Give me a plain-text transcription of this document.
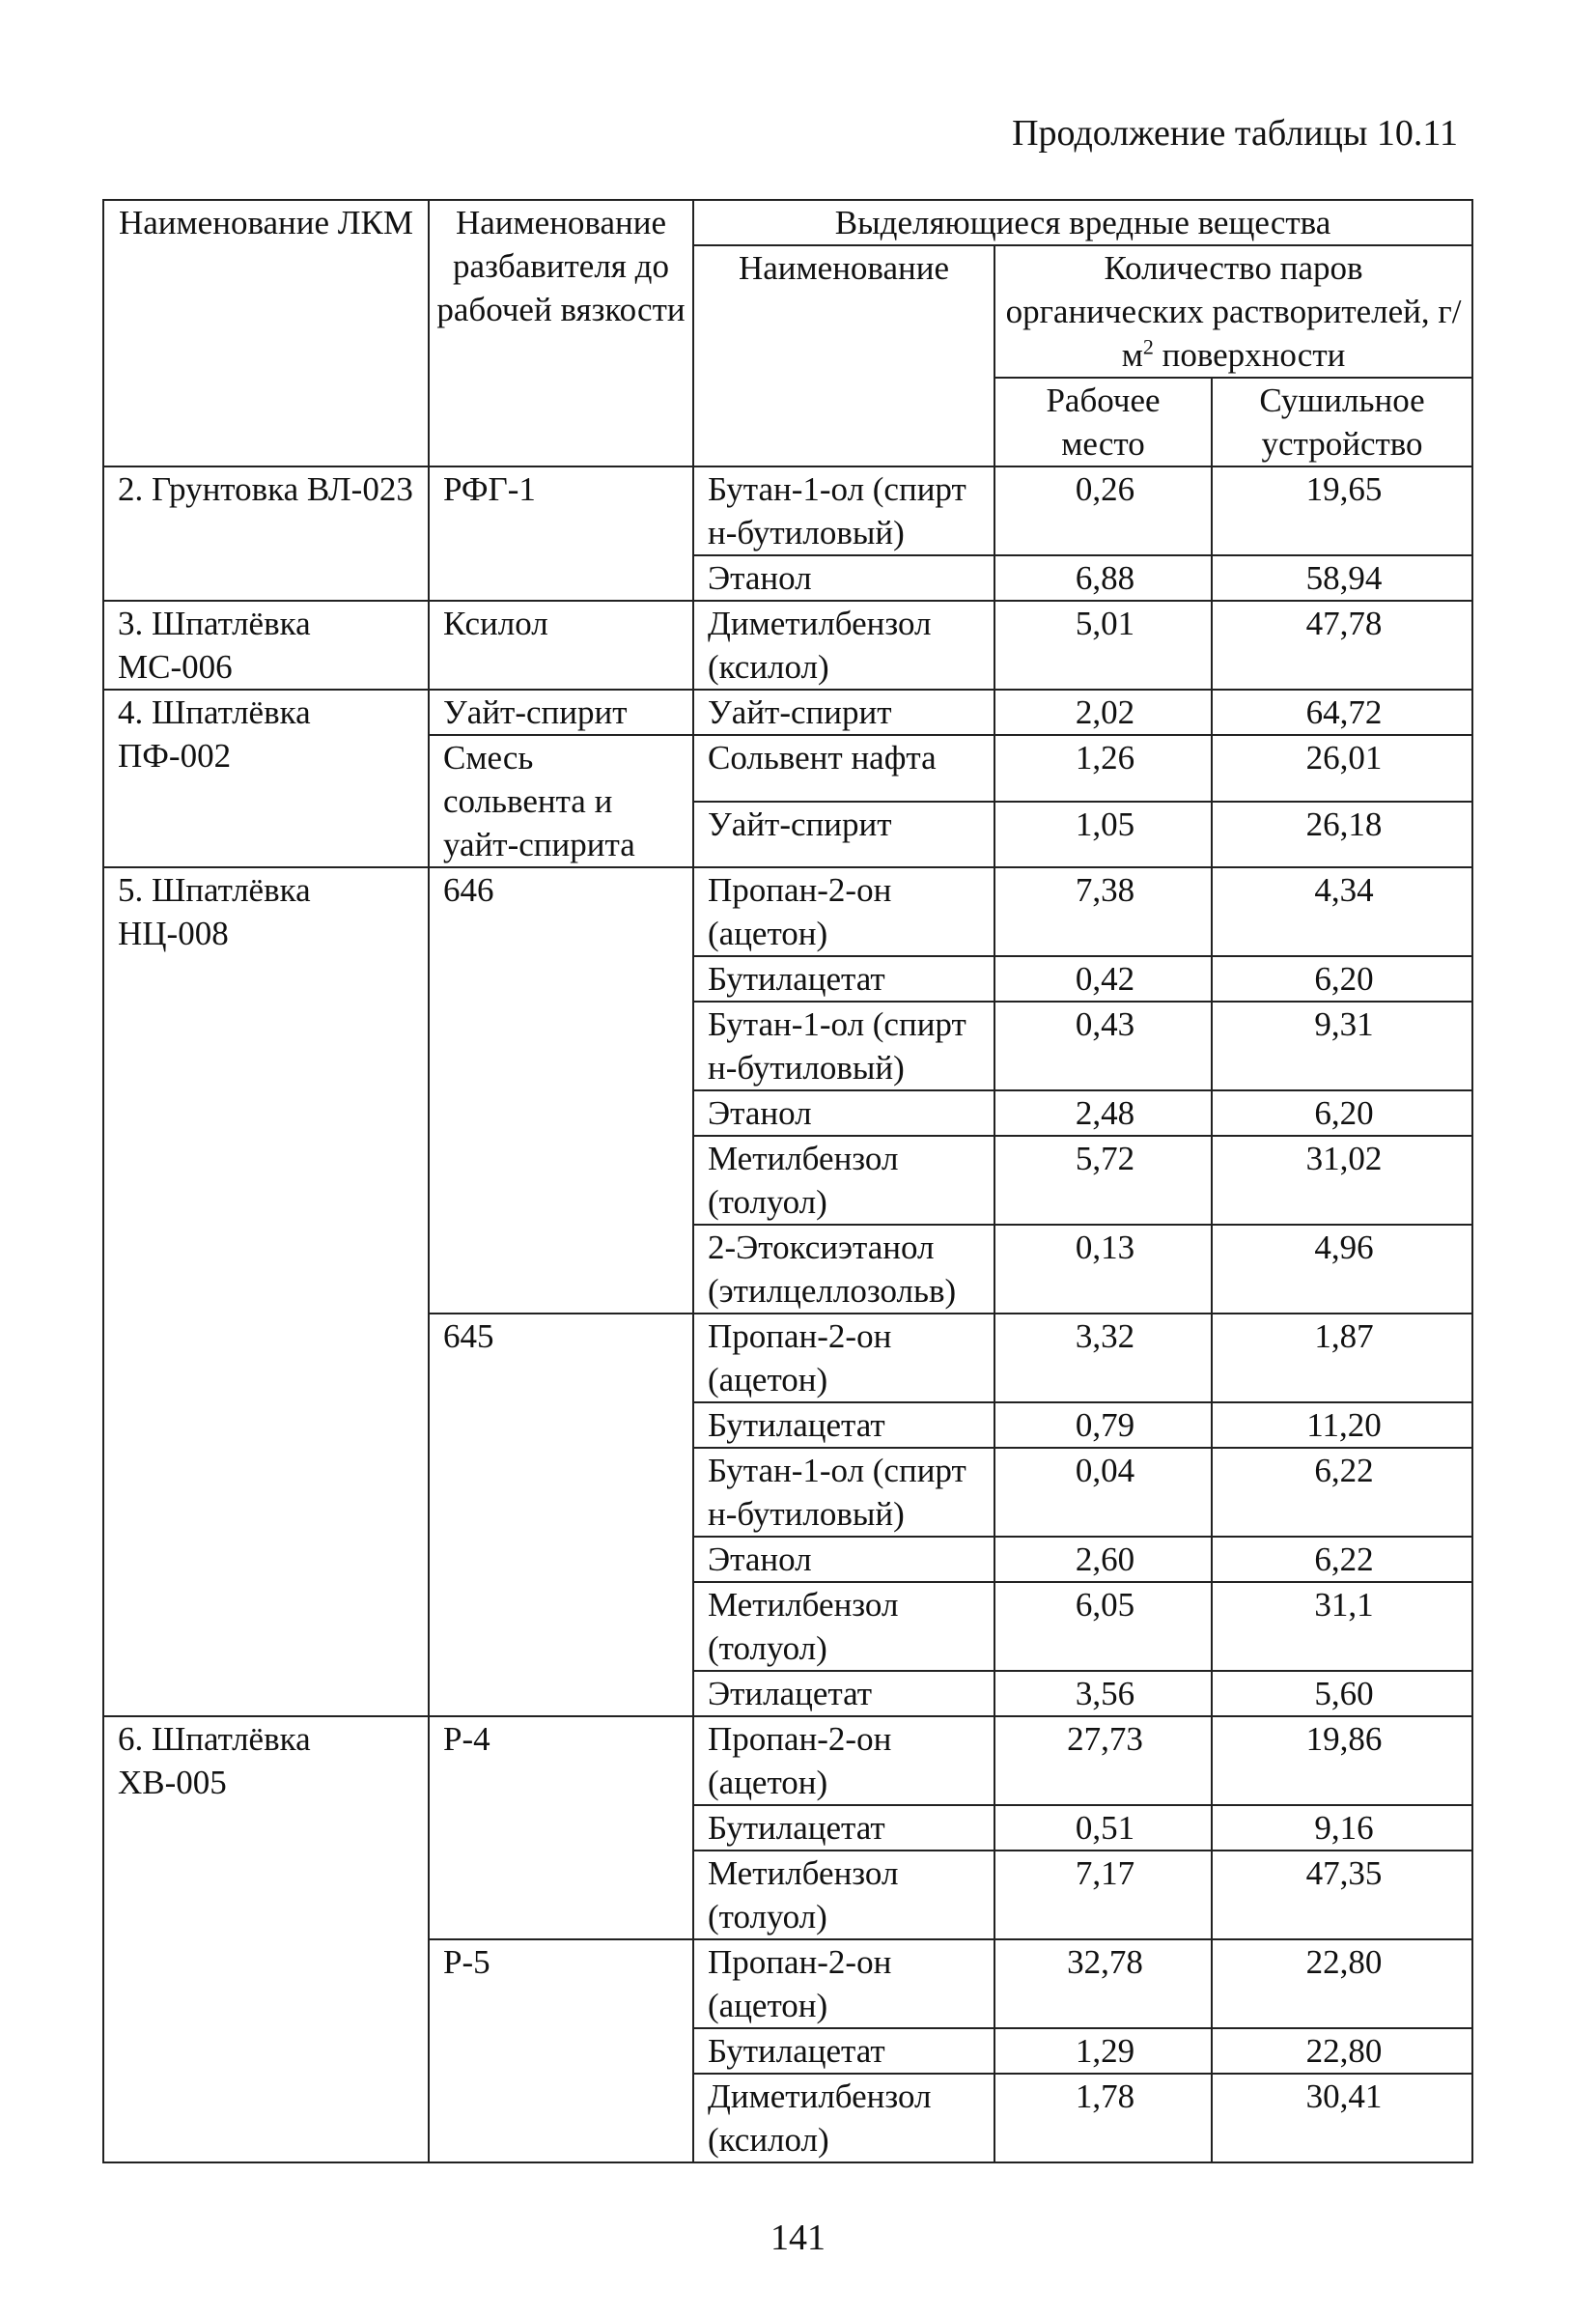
Продолжение таблицы 10.11
Наименование ЛКМ	Наименование разбавителя до рабочей вязкости	Выделяющиеся вредные вещества		
		Наименование	Количество паров органических растворителей, $г/м^2$ поверхности	
			Рабочее место	Сушильное устройство
2. Грунтовка ВЛ-023	РФГ-1	Бутан-1-ол (спирт н-бутиловый)	0,26	19,65
		Этанол	6,88	58,94
3. Шпатлёвка МС-006	Ксилол	Диметилбензол (ксилол)	5,01	47,78
4. Шпатлёвка ПФ-002	Уайт-спирит	Уайт-спирит	2,02	64,72
	Смесь сольвента и уайт-спирита	Сольвент нафта	1,26	26,01
		Уайт-спирит	1,05	26,18
5. Шпатлёвка НЦ-008	646	Пропан-2-он (ацетон)	7,38	4,34
		Бутилацетат	0,42	6,20
		Бутан-1-ол (спирт н-бутиловый)	0,43	9,31
		Этанол	2,48	6,20
		Метилбензол (толуол)	5,72	31,02
		2-Этоксиэтанол (этилцеллозольв)	0,13	4,96
	645	Пропан-2-он (ацетон)	3,32	1,87
		Бутилацетат	0,79	11,20
		Бутан-1-ол (спирт н-бутиловый)	0,04	6,22
		Этанол	2,60	6,22
		Метилбензол (толуол)	6,05	31,1
		Этилацетат	3,56	5,60
6. Шпатлёвка ХВ-005	Р-4	Пропан-2-он (ацетон)	27,73	19,86
		Бутилацетат	0,51	9,16
		Метилбензол (толуол)	7,17	47,35
	Р-5	Пропан-2-он (ацетон)	32,78	22,80
		Бутилацетат	1,29	22,80
		Диметилбензол (ксилол)	1,78	30,41
141
